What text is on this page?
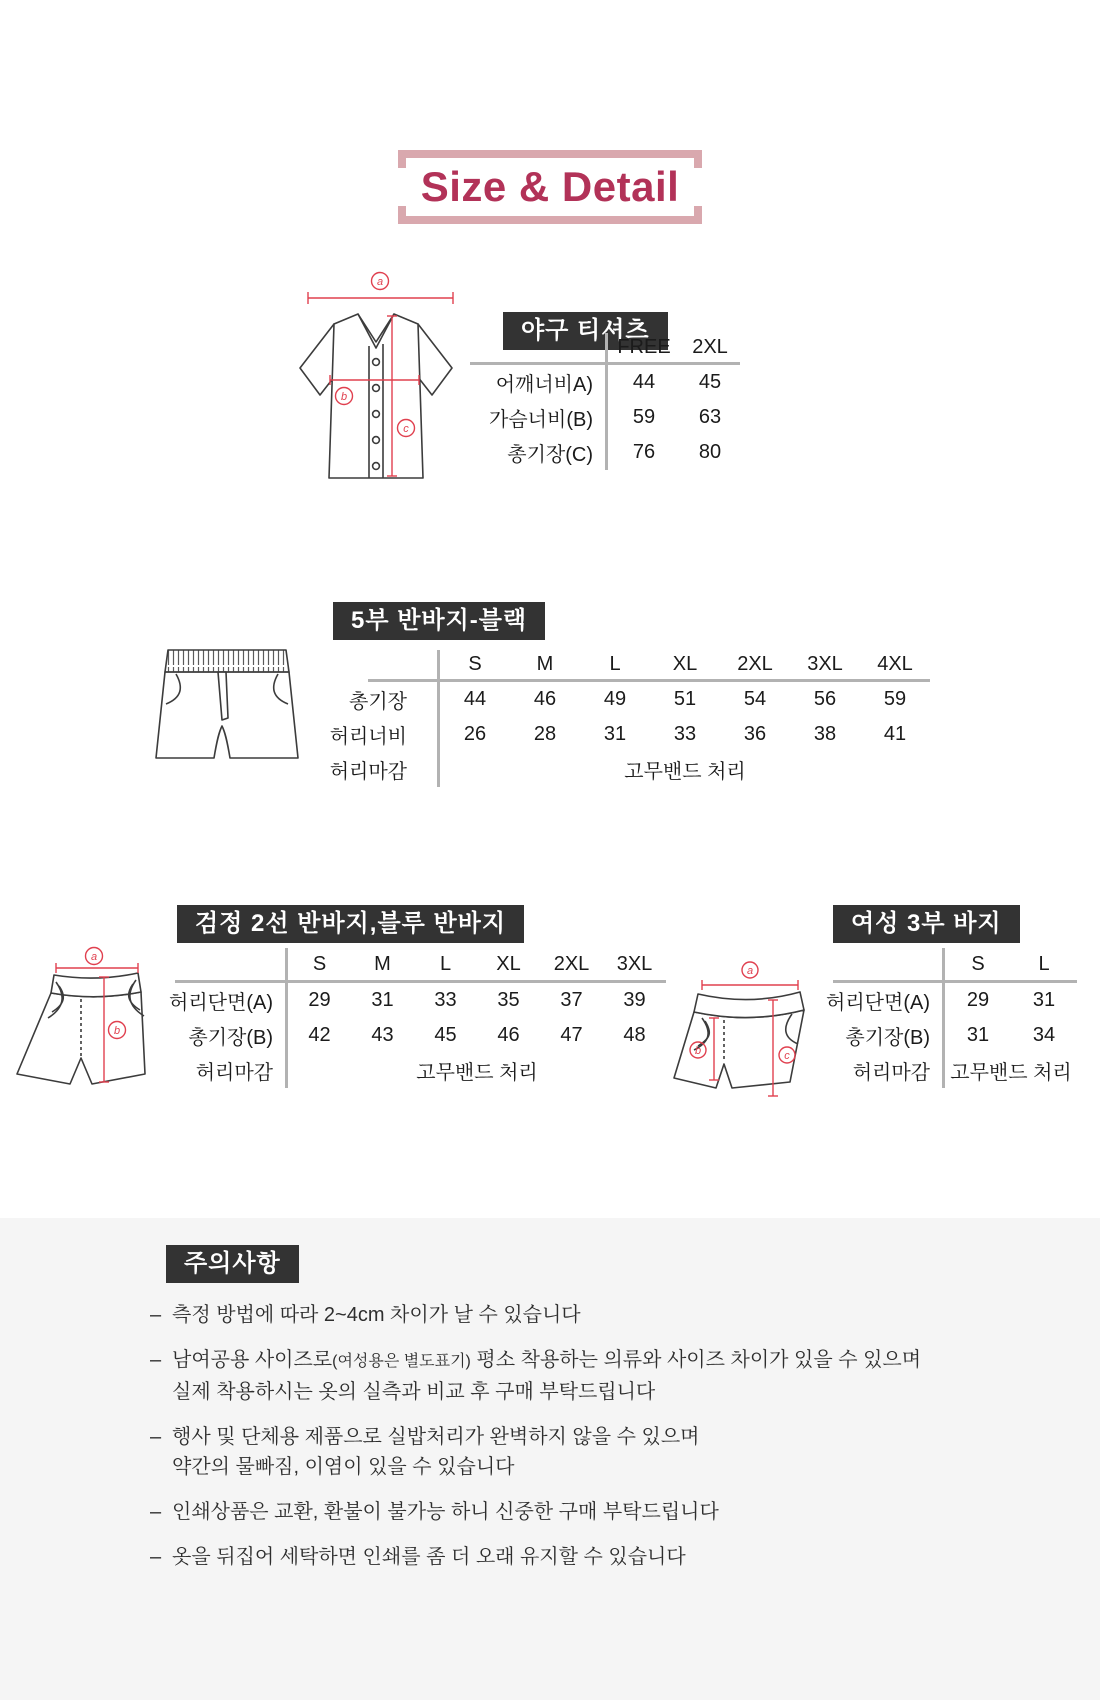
Size & Detail
a
b
c
야구 티셔츠
FREE	2XL
어깨너비A)	44	45
가슴너비(B)	59	63
총기장(C)	76	80
5부 반바지-블랙
S	M	L	XL	2XL	3XL	4XL
총기장	44	46	49	51	54	56	59
허리너비	26	28	31	33	36	38	41
허리마감	고무밴드 처리
검정 2선 반바지,블루 반바지
a
b
S	M	L	XL	2XL	3XL
허리단면(A)	29	31	33	35	37	39
총기장(B)	42	43	45	46	47	48
허리마감	고무밴드 처리
여성 3부 바지
a
b	c
S	L
허리단면(A)	29	31
총기장(B)	31	34
허리마감	고무밴드 처리
주의사항
– 측정 방법에 따라 2~4cm 차이가 날 수 있습니다
– 남여공용 사이즈로(여성용은 별도표기) 평소 착용하는 의류와 사이즈 차이가 있을 수 있으며
실제 착용하시는 옷의 실측과 비교 후 구매 부탁드립니다
– 행사 및 단체용 제품으로 실밥처리가 완벽하지 않을 수 있으며
약간의 물빠짐, 이염이 있을 수 있습니다
– 인쇄상품은 교환, 환불이 불가능 하니 신중한 구매 부탁드립니다
– 옷을 뒤집어 세탁하면 인쇄를 좀 더 오래 유지할 수 있습니다
